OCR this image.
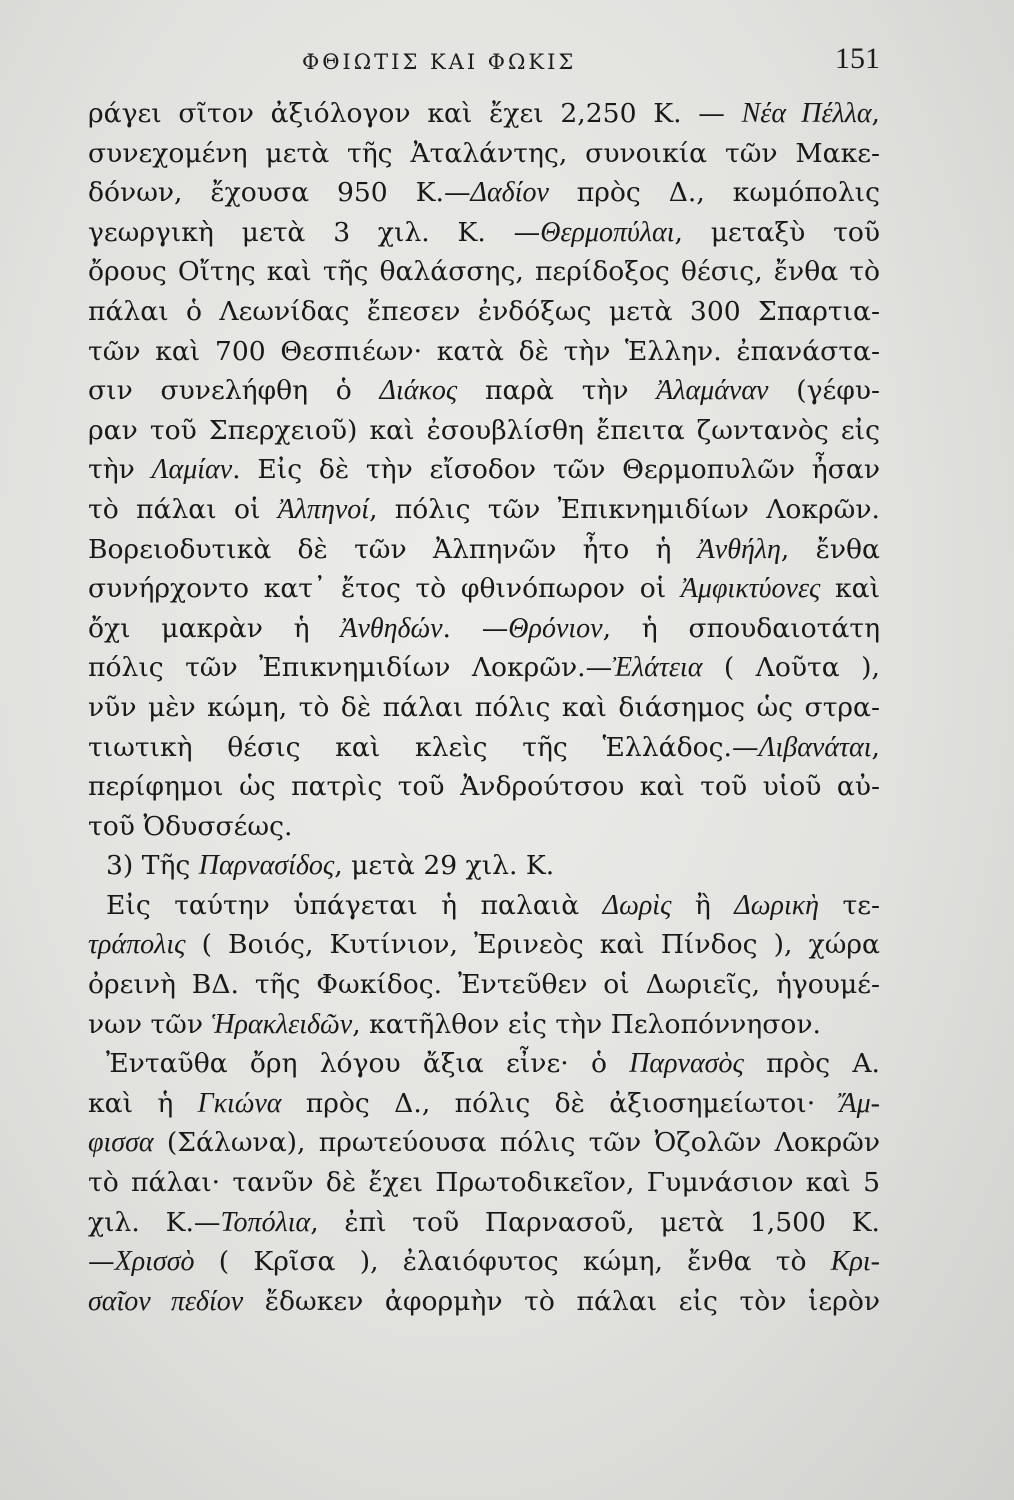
ΦΘΙΩΤΙΣ ΚΑΙ ΦΩΚΙΣ	151
ράγει σῖτον ἀξιόλογον καὶ ἔχει 2,250 Κ. — Νέα Πέλλα,
συνεχομένη μετὰ τῆς Ἀταλάντης, συνοικία τῶν Μακε-
δόνων, ἔχουσα 950 Κ.—Δαδίον πρὸς Δ., κωμόπολις
γεωργικὴ μετὰ 3 χιλ. Κ. —Θερμοπύλαι, μεταξὺ τοῦ
ὄρους Οἴτης καὶ τῆς θαλάσσης, περίδοξος θέσις, ἔνθα τὸ
πάλαι ὁ Λεωνίδας ἔπεσεν ἐνδόξως μετὰ 300 Σπαρτια-
τῶν καὶ 700 Θεσπιέων· κατὰ δὲ τὴν Ἑλλην. ἐπανάστα-
σιν συνελήφθη ὁ Διάκος παρὰ τὴν Ἀλαμάναν (γέφυ-
ραν τοῦ Σπερχειοῦ) καὶ ἐσουβλίσθη ἔπειτα ζωντανὸς εἰς
τὴν Λαμίαν. Εἰς δὲ τὴν εἴσοδον τῶν Θερμοπυλῶν ἦσαν
τὸ πάλαι οἱ Ἀλπηνοί, πόλις τῶν Ἐπικνημιδίων Λοκρῶν.
Βορειοδυτικὰ δὲ τῶν Ἀλπηνῶν ἦτο ἡ Ἀνθήλη, ἔνθα
συνήρχοντο κατ᾽ ἔτος τὸ φθινόπωρον οἱ Ἀμφικτύονες καὶ
ὄχι μακρὰν ἡ Ἀνθηδών. —Θρόνιον, ἡ σπουδαιοτάτη
πόλις τῶν Ἐπικνημιδίων Λοκρῶν.—Ἐλάτεια ( Λοῦτα ),
νῦν μὲν κώμη, τὸ δὲ πάλαι πόλις καὶ διάσημος ὡς στρα-
τιωτικὴ θέσις καὶ κλεὶς τῆς Ἑλλάδος.—Λιβανάται,
περίφημοι ὡς πατρὶς τοῦ Ἀνδρούτσου καὶ τοῦ υἱοῦ αὐ-
τοῦ Ὀδυσσέως.
3) Τῆς Παρνασίδος, μετὰ 29 χιλ. Κ.
Εἰς ταύτην ὑπάγεται ἡ παλαιὰ Δωρὶς ἢ Δωρικὴ τε-
τράπολις ( Βοιός, Κυτίνιον, Ἐρινεὸς καὶ Πίνδος ), χώρα
ὀρεινὴ ΒΔ. τῆς Φωκίδος. Ἐντεῦθεν οἱ Δωριεῖς, ἡγουμέ-
νων τῶν Ἡρακλειδῶν, κατῆλθον εἰς τὴν Πελοπόννησον.
Ἐνταῦθα ὄρη λόγου ἄξια εἶνε· ὁ Παρνασὸς πρὸς Α.
καὶ ἡ Γκιώνα πρὸς Δ., πόλις δὲ ἀξιοσημείωτοι· Ἄμ-
φισσα (Σάλωνα), πρωτεύουσα πόλις τῶν Ὀζολῶν Λοκρῶν
τὸ πάλαι· τανῦν δὲ ἔχει Πρωτοδικεῖον, Γυμνάσιον καὶ 5
χιλ. Κ.—Τοπόλια, ἐπὶ τοῦ Παρνασοῦ, μετὰ 1,500 Κ.
—Χρισσὸ ( Κρῖσα ), ἐλαιόφυτος κώμη, ἔνθα τὸ Κρι-
σαῖον πεδίον ἔδωκεν ἀφορμὴν τὸ πάλαι εἰς τὸν ἱερὸν
